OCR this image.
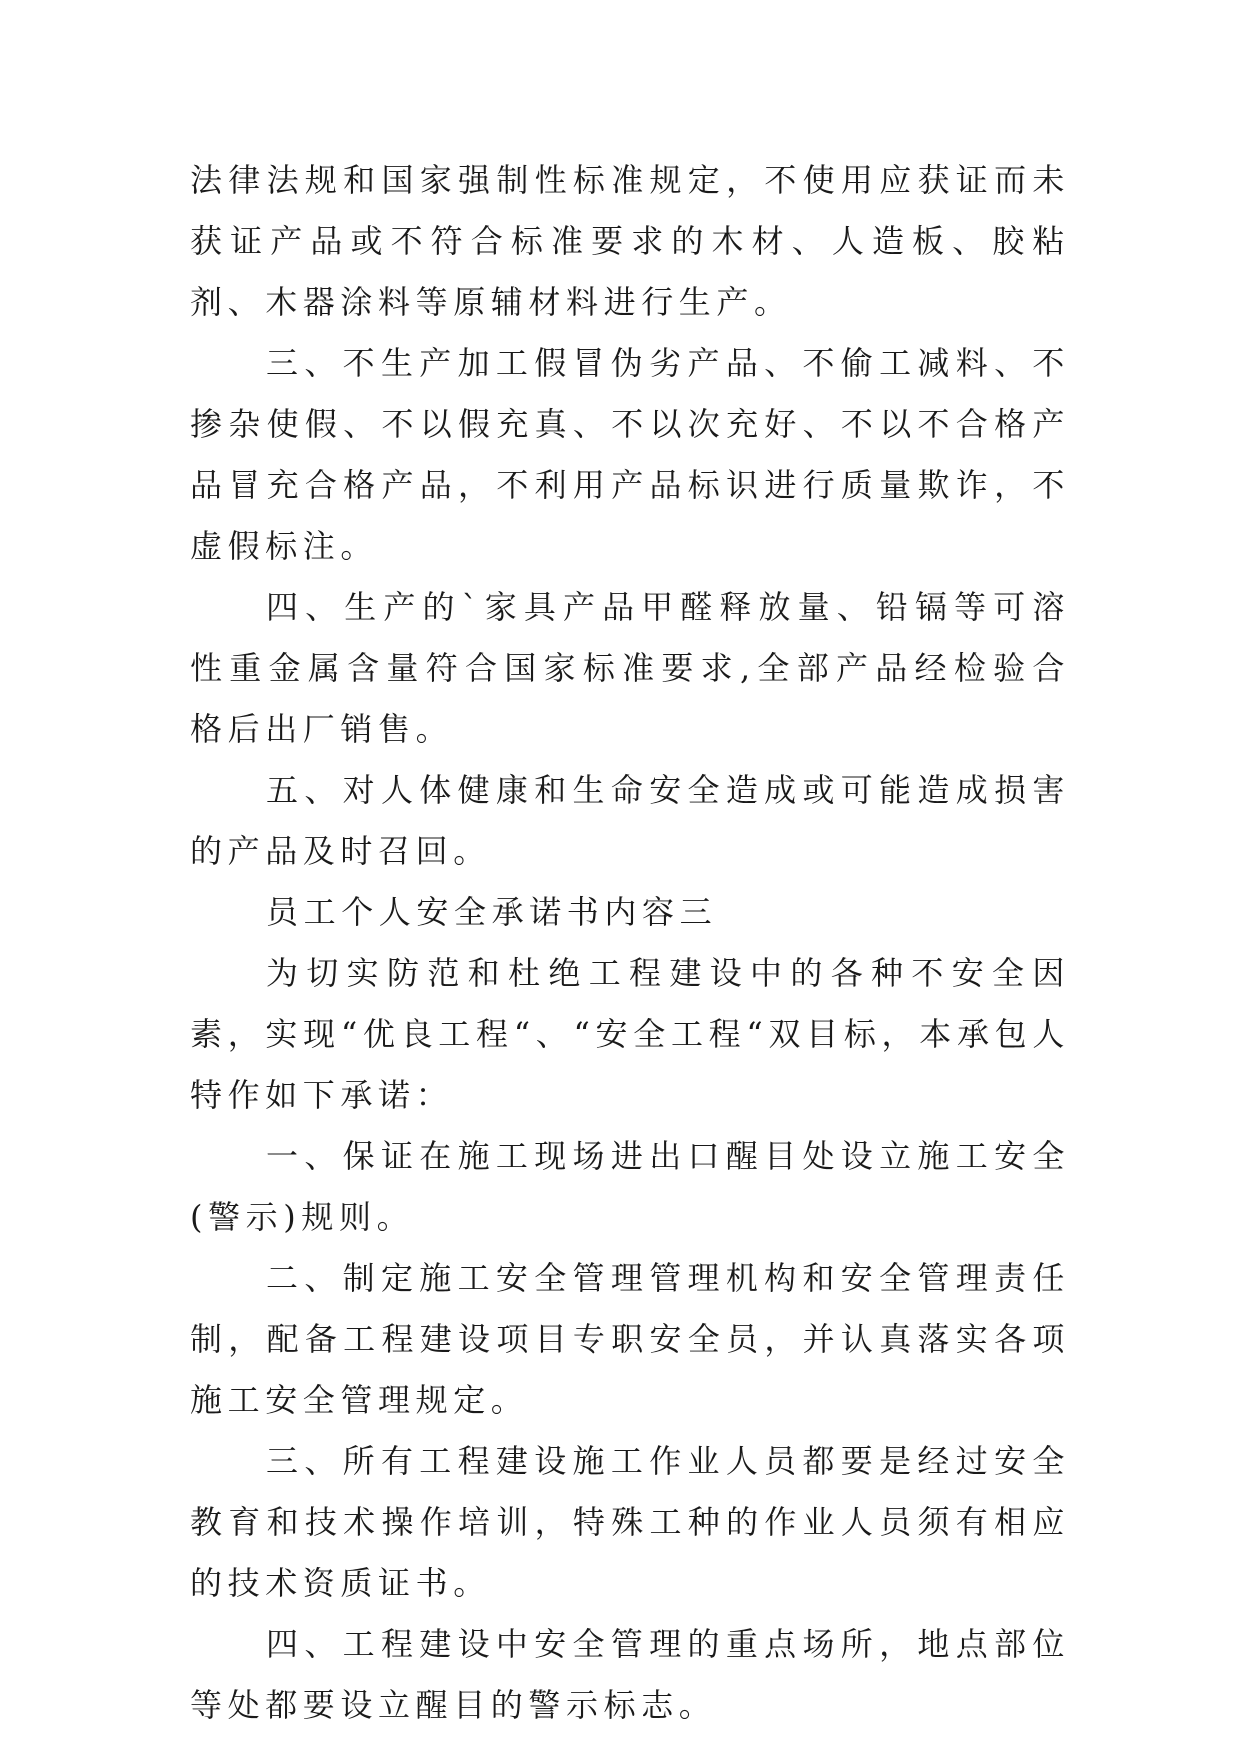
法律法规和国家强制性标准规定，不使用应获证而未获证产品或不符合标准要求的木材、人造板、胶粘剂、木器涂料等原辅材料进行生产。

三、不生产加工假冒伪劣产品、不偷工减料、不掺杂使假、不以假充真、不以次充好、不以不合格产品冒充合格产品，不利用产品标识进行质量欺诈，不虚假标注。

四、生产的`家具产品甲醛释放量、铅镉等可溶性重金属含量符合国家标准要求,全部产品经检验合格后出厂销售。

五、对人体健康和生命安全造成或可能造成损害的产品及时召回。

员工个人安全承诺书内容三

为切实防范和杜绝工程建设中的各种不安全因素，实现“优良工程“、“安全工程“双目标，本承包人特作如下承诺：

一、保证在施工现场进出口醒目处设立施工安全(警示)规则。

二、制定施工安全管理管理机构和安全管理责任制，配备工程建设项目专职安全员，并认真落实各项施工安全管理规定。

三、所有工程建设施工作业人员都要是经过安全教育和技术操作培训，特殊工种的作业人员须有相应的技术资质证书。

四、工程建设中安全管理的重点场所，地点部位等处都要设立醒目的警示标志。
